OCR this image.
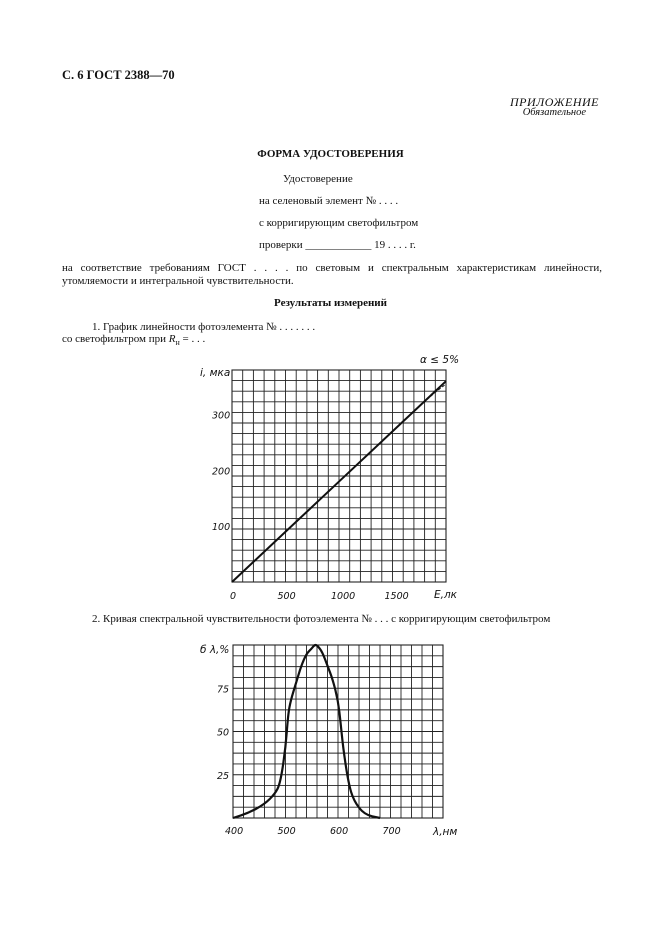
С. 6 ГОСТ 2388—70
ПРИЛОЖЕНИЕ
Обязательное
ФОРМА УДОСТОВЕРЕНИЯ
Удостоверение
на селеновый элемент № . . . .
с корригирующим светофильтром
проверки ____________ 19 . . . . г.
на соответствие требованиям ГОСТ . . . . по световым и спектральным характеристикам линейности, утомляемости и интегральной чувствительности.
Результаты измерений
1. График линейности фотоэлемента № . . . . . . .
со светофильтром при $R_н$ = . . .
2. Кривая спектральной чувствительности фотоэлемента № . . . с корригирующим светофильтром
0	500	1000	1500
100
200
300
i, мка
E,лк
α ≤ 5%
400	500	600	700
25
50
75
б λ,%
λ,нм
